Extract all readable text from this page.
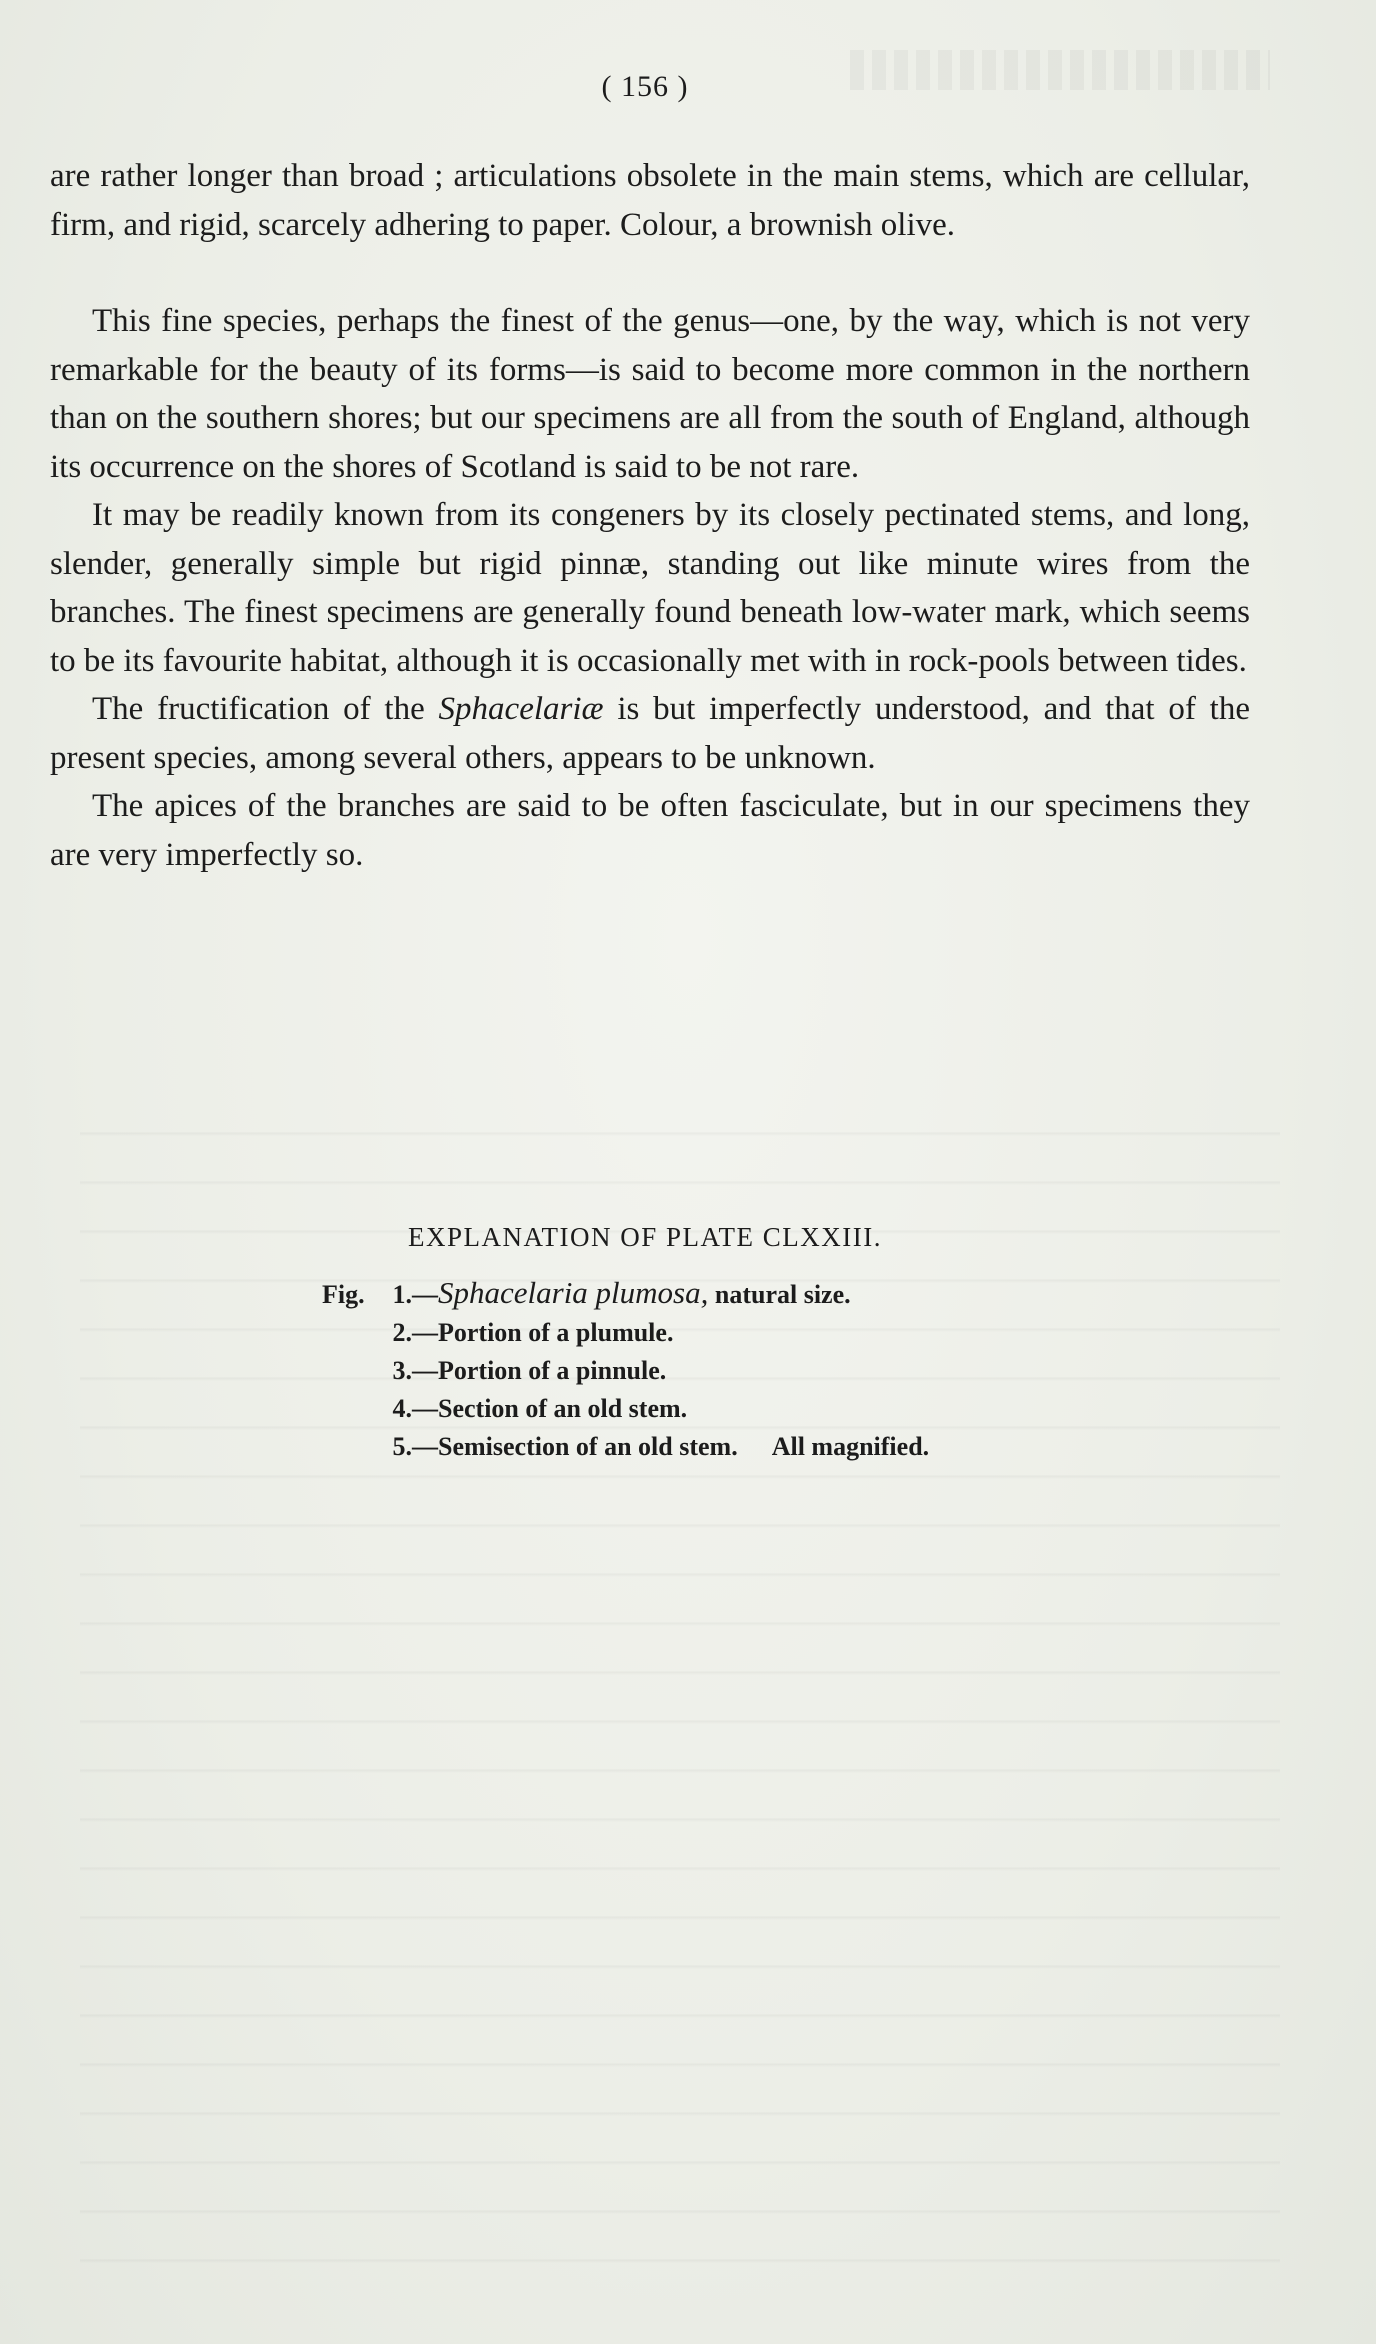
( 156 )

are rather longer than broad ; articulations obsolete in the main stems, which are cellular, firm, and rigid, scarcely adhering to paper. Colour, a brownish olive.

This fine species, perhaps the finest of the genus—one, by the way, which is not very remarkable for the beauty of its forms—is said to become more common in the northern than on the southern shores; but our specimens are all from the south of England, although its occurrence on the shores of Scotland is said to be not rare.

It may be readily known from its congeners by its closely pectinated stems, and long, slender, generally simple but rigid pinnæ, standing out like minute wires from the branches. The finest specimens are generally found beneath low-water mark, which seems to be its favourite habitat, although it is occasionally met with in rock-pools between tides.

The fructification of the Sphacelariæ is but imperfectly understood, and that of the present species, among several others, appears to be unknown.

The apices of the branches are said to be often fasciculate, but in our specimens they are very imperfectly so.

EXPLANATION OF PLATE CLXXIII.
Fig. 1.—Sphacelaria plumosa, natural size.
2.—Portion of a plumule.
3.—Portion of a pinnule.
4.—Section of an old stem.
5.—Semisection of an old stem. All magnified.
